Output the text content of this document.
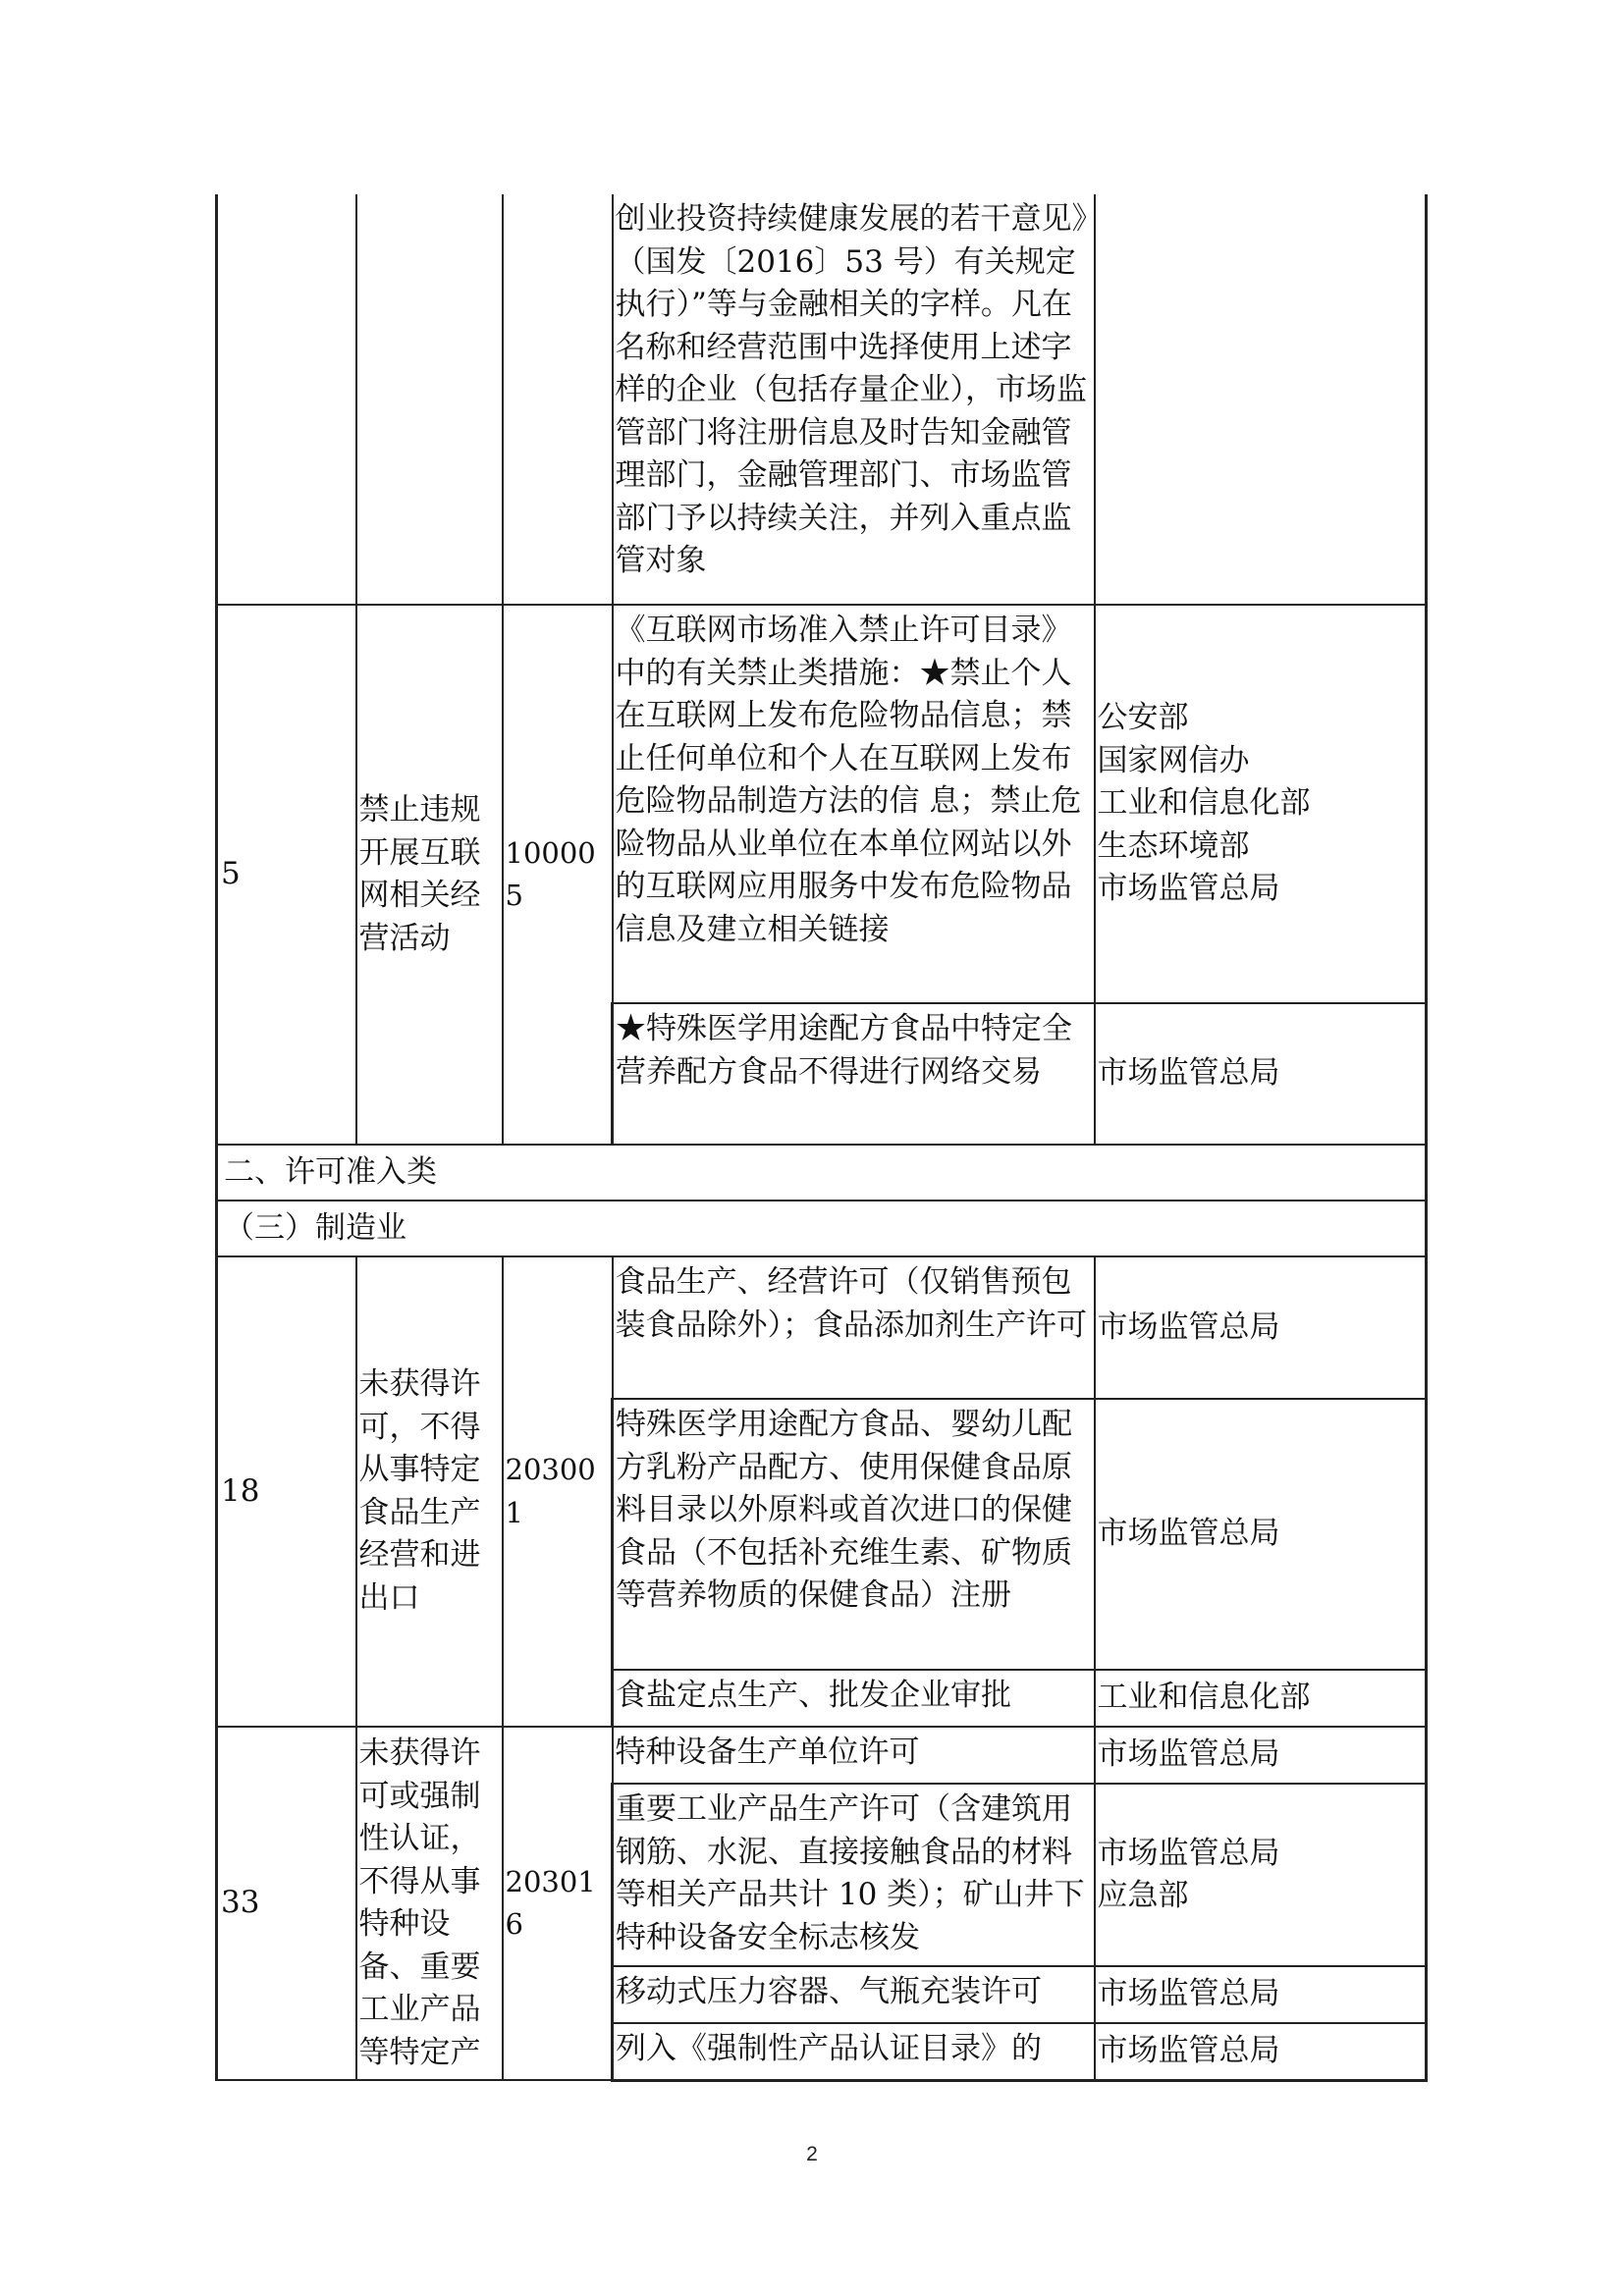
			创业投资持续健康发展的若干意见》（国发〔2016〕53 号）有关规定执行）”等与金融相关的字样。凡在名称和经营范围中选择使用上述字样的企业（包括存量企业），市场监管部门将注册信息及时告知金融管理部门，金融管理部门、市场监管部门予以持续关注，并列入重点监管对象	
5	禁止违规开展互联网相关经营活动	100005	《互联网市场准入禁止许可目录》中的有关禁止类措施：★禁止个人在互联网上发布危险物品信息；禁止任何单位和个人在互联网上发布危险物品制造方法的信 息；禁止危险物品从业单位在本单位网站以外的互联网应用服务中发布危险物品信息及建立相关链接	公安部
国家网信办
工业和信息化部
生态环境部
市场监管总局

			★特殊医学用途配方食品中特定全营养配方食品不得进行网络交易	市场监管总局

二、许可准入类				
（三）制造业				
18	未获得许可，不得从事特定食品生产经营和进出口	203001	食品生产、经营许可（仅销售预包装食品除外）；食品添加剂生产许可	市场监管总局

			特殊医学用途配方食品、婴幼儿配方乳粉产品配方、使用保健食品原料目录以外原料或首次进口的保健食品（不包括补充维生素、矿物质等营养物质的保健食品）注册	市场监管总局

			食盐定点生产、批发企业审批	工业和信息化部

33	未获得许可或强制性认证，不得从事特种设备、重要工业产品等特定产	203016	特种设备生产单位许可	市场监管总局

			重要工业产品生产许可（含建筑用钢筋、水泥、直接接触食品的材料等相关产品共计 10 类）；矿山井下特种设备安全标志核发	市场监管总局
应急部

			移动式压力容器、气瓶充装许可	市场监管总局

			列入《强制性产品认证目录》的	市场监管总局
2
